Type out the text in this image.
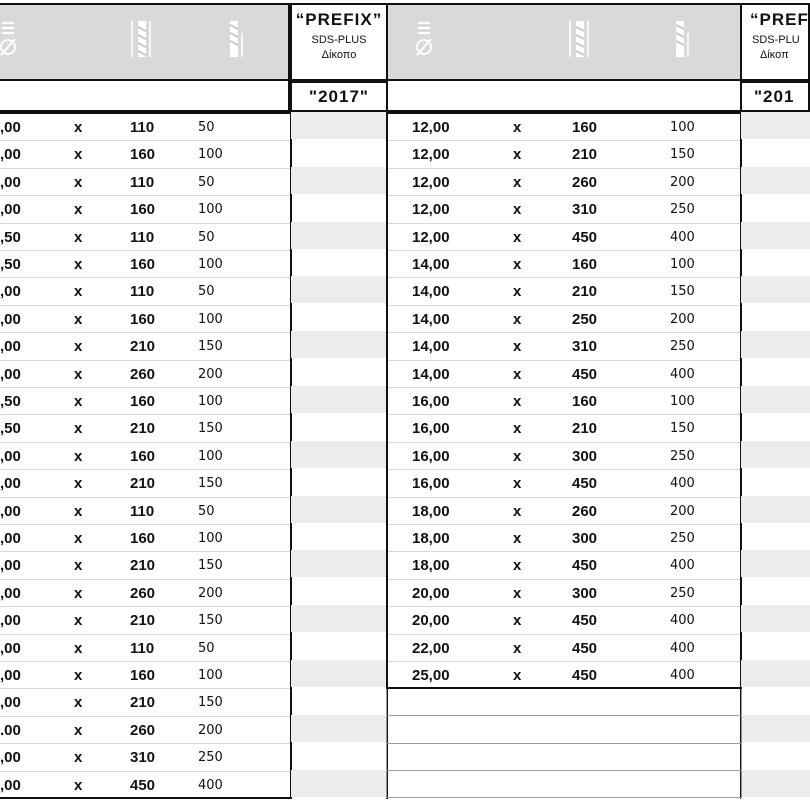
“PREFIX”
SDS-PLUS
Δίκοπο
"2017"
,00	x	110	50
,00	x	160	100
,00	x	110	50
,00	x	160	100
,50	x	110	50
,50	x	160	100
,00	x	110	50
,00	x	160	100
,00	x	210	150
,00	x	260	200
,50	x	160	100
,50	x	210	150
,00	x	160	100
,00	x	210	150
,00	x	110	50
,00	x	160	100
,00	x	210	150
,00	x	260	200
,00	x	210	150
,00	x	110	50
,00	x	160	100
,00	x	210	150
.00	x	260	200
,00	x	310	250
,00	x	450	400
“PREF
SDS-PLU
Δίκοπ
"201
12,00	x	160	100
12,00	x	210	150
12,00	x	260	200
12,00	x	310	250
12,00	x	450	400
14,00	x	160	100
14,00	x	210	150
14,00	x	250	200
14,00	x	310	250
14,00	x	450	400
16,00	x	160	100
16,00	x	210	150
16,00	x	300	250
16,00	x	450	400
18,00	x	260	200
18,00	x	300	250
18,00	x	450	400
20,00	x	300	250
20,00	x	450	400
22,00	x	450	400
25,00	x	450	400
